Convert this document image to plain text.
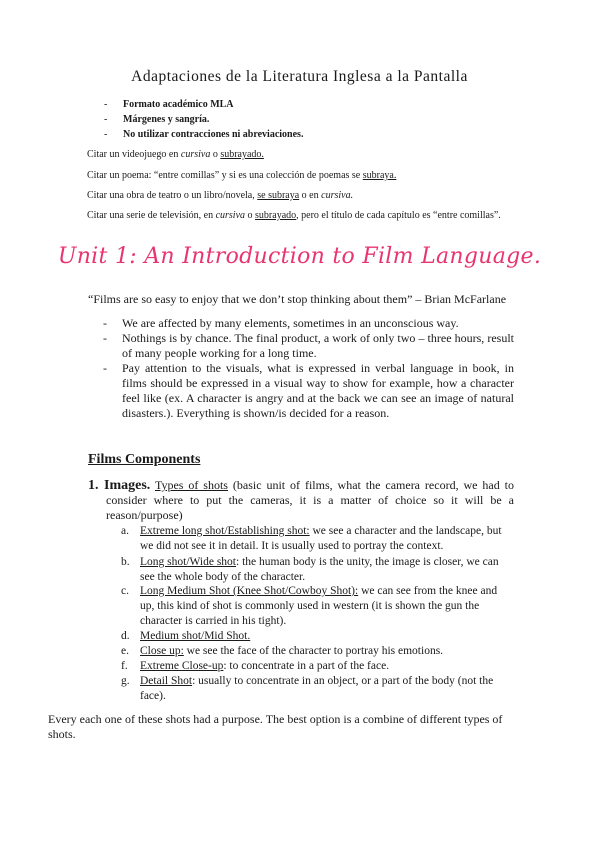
Adaptaciones de la Literatura Inglesa a la Pantalla
- Formato académico MLA
- Márgenes y sangría.
- No utilizar contracciones ni abreviaciones.
Citar un videojuego en cursiva o subrayado.
Citar un poema: “entre comillas” y si es una colección de poemas se subraya.
Citar una obra de teatro o un libro/novela, se subraya o en cursiva.
Citar una serie de televisión, en cursiva o subrayado, pero el título de cada capítulo es “entre comillas”.
Unit 1: An Introduction to Film Language.
“Films are so easy to enjoy that we don’t stop thinking about them” – Brian McFarlane
- We are affected by many elements, sometimes in an unconscious way.
- Nothings is by chance. The final product, a work of only two – three hours, result of many people working for a long time.
- Pay attention to the visuals, what is expressed in verbal language in book, in films should be expressed in a visual way to show for example, how a character feel like (ex. A character is angry and at the back we can see an image of natural disasters.). Everything is shown/is decided for a reason.
Films Components
1. Images. Types of shots (basic unit of films, what the camera record, we had to consider where to put the cameras, it is a matter of choice so it will be a reason/purpose)
a. Extreme long shot/Establishing shot: we see a character and the landscape, but we did not see it in detail. It is usually used to portray the context.
b. Long shot/Wide shot: the human body is the unity, the image is closer, we can see the whole body of the character.
c. Long Medium Shot (Knee Shot/Cowboy Shot): we can see from the knee and up, this kind of shot is commonly used in western (it is shown the gun the character is carried in his tight).
d. Medium shot/Mid Shot.
e. Close up: we see the face of the character to portray his emotions.
f. Extreme Close-up: to concentrate in a part of the face.
g. Detail Shot: usually to concentrate in an object, or a part of the body (not the face).
Every each one of these shots had a purpose. The best option is a combine of different types of shots.
